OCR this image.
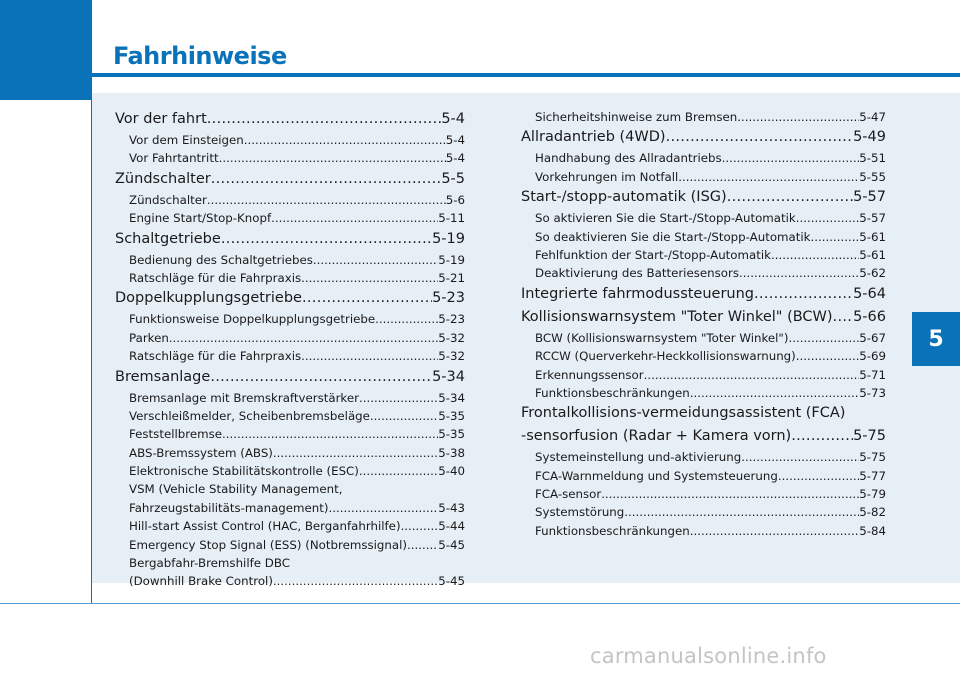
Fahrhinweise
5
carmanualsonline.info
Vor der fahrt .....	5-4
Vor dem Einsteigen .....	5-4
Vor Fahrtantritt .....	5-4
Zündschalter .....	5-5
Zündschalter .....	5-6
Engine Start/Stop-Knopf .....	5-11
Schaltgetriebe .....	5-19
Bedienung des Schaltgetriebes .....	5-19
Ratschläge für die Fahrpraxis .....	5-21
Doppelkupplungsgetriebe .....	5-23
Funktionsweise Doppelkupplungsgetriebe .....	5-23
Parken .....	5-32
Ratschläge für die Fahrpraxis .....	5-32
Bremsanlage .....	5-34
Bremsanlage mit Bremskraftverstärker .....	5-34
Verschleißmelder, Scheibenbremsbeläge .....	5-35
Feststellbremse .....	5-35
ABS-Bremssystem (ABS) .....	5-38
Elektronische Stabilitätskontrolle (ESC) .....	5-40
VSM (Vehicle Stability Management,
Fahrzeugstabilitäts-management) .....	5-43
Hill-start Assist Control (HAC, Berganfahrhilfe) .....	5-44
Emergency Stop Signal (ESS) (Notbremssignal) .....	5-45
Bergabfahr-Bremshilfe DBC
(Downhill Brake Control) .....	5-45
Sicherheitshinweise zum Bremsen .....	5-47
Allradantrieb (4WD) .....	5-49
Handhabung des Allradantriebs .....	5-51
Vorkehrungen im Notfall .....	5-55
Start-/stopp-automatik (ISG) .....	5-57
So aktivieren Sie die Start-/Stopp-Automatik .....	5-57
So deaktivieren Sie die Start-/Stopp-Automatik .....	5-61
Fehlfunktion der Start-/Stopp-Automatik .....	5-61
Deaktivierung des Batteriesensors .....	5-62
Integrierte fahrmodussteuerung .....	5-64
Kollisionswarnsystem "Toter Winkel" (BCW) ..... 5-66
BCW (Kollisionswarnsystem "Toter Winkel") .....	5-67
RCCW (Querverkehr-Heckkollisionswarnung) .....	5-69
Erkennungssensor .....	5-71
Funktionsbeschränkungen .....	5-73
Frontalkollisions-vermeidungsassistent (FCA)
-sensorfusion (Radar + Kamera vorn) .....	5-75
Systemeinstellung und-aktivierung .....	5-75
FCA-Warnmeldung und Systemsteuerung .....	5-77
FCA-sensor .....	5-79
Systemstörung .....	5-82
Funktionsbeschränkungen .....	5-84
